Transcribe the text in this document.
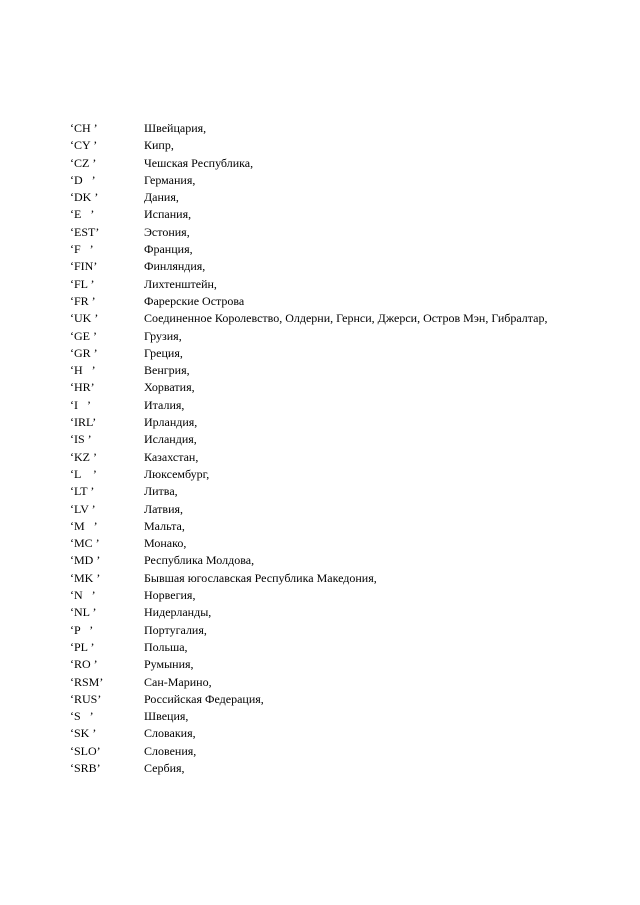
‘CH ’	Швейцария,
‘CY ’	Кипр,
‘CZ ’	Чешская Республика,
‘D   ’	Германия,
‘DK ’	Дания,
‘E   ’	Испания,
‘EST’	Эстония,
‘F   ’	Франция,
‘FIN’	Финляндия,
‘FL ’	Лихтенштейн,
‘FR ’	Фарерские Острова
‘UK ’	Соединенное Королевство, Олдерни, Гернси, Джерси, Остров Мэн, Гибралтар,
‘GE ’	Грузия,
‘GR ’	Греция,
‘H   ’	Венгрия,
‘HR’	Хорватия,
‘I   ’	Италия,
‘IRL’	Ирландия,
‘IS ’	Исландия,
‘KZ ’	Казахстан,
‘L    ’	Люксембург,
‘LT ’	Литва,
‘LV ’	Латвия,
‘M   ’	Мальта,
‘MC ’	Монако,
‘MD ’	Республика Молдова,
‘MK ’	Бывшая югославская Республика Македония,
‘N   ’	Норвегия,
‘NL ’	Нидерланды,
‘P   ’	Португалия,
‘PL ’	Польша,
‘RO ’	Румыния,
‘RSM’	Сан-Марино,
‘RUS’	Российская Федерация,
‘S   ’	Швеция,
‘SK ’	Словакия,
‘SLO’	Словения,
‘SRB’	Сербия,
